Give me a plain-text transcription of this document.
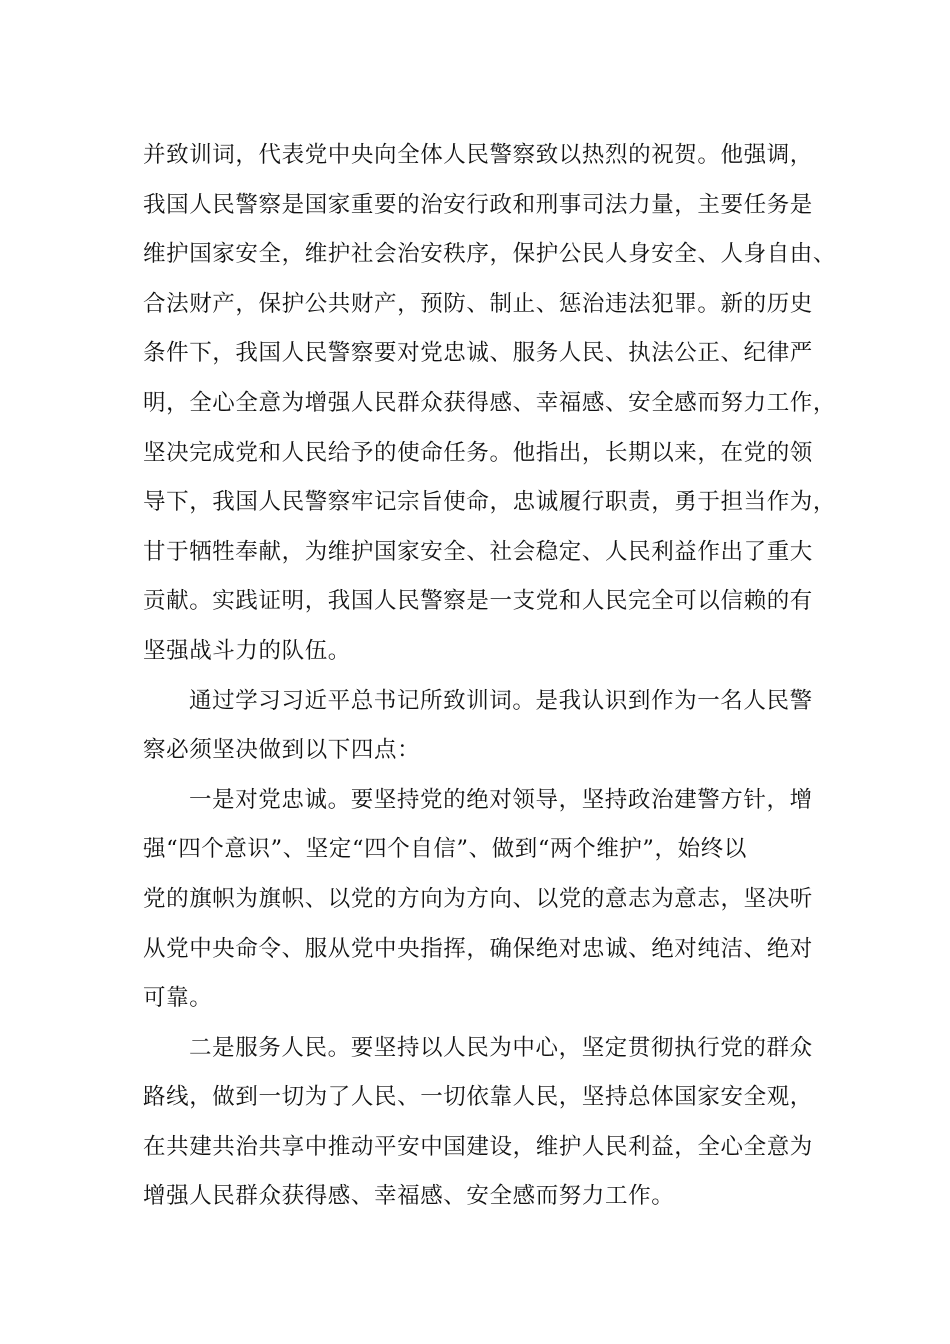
并致训词，代表党中央向全体人民警察致以热烈的祝贺。他强调，
我国人民警察是国家重要的治安行政和刑事司法力量，主要任务是
维护国家安全，维护社会治安秩序，保护公民人身安全、人身自由、
合法财产，保护公共财产，预防、制止、惩治违法犯罪。新的历史
条件下，我国人民警察要对党忠诚、服务人民、执法公正、纪律严
明，全心全意为增强人民群众获得感、幸福感、安全感而努力工作，
坚决完成党和人民给予的使命任务。他指出，长期以来，在党的领
导下，我国人民警察牢记宗旨使命，忠诚履行职责，勇于担当作为，
甘于牺牲奉献，为维护国家安全、社会稳定、人民利益作出了重大
贡献。实践证明，我国人民警察是一支党和人民完全可以信赖的有
坚强战斗力的队伍。
通过学习习近平总书记所致训词。是我认识到作为一名人民警
察必须坚决做到以下四点：
一是对党忠诚。要坚持党的绝对领导，坚持政治建警方针，增
强“四个意识”、坚定“四个自信”、做到“两个维护”，始终以
党的旗帜为旗帜、以党的方向为方向、以党的意志为意志，坚决听
从党中央命令、服从党中央指挥，确保绝对忠诚、绝对纯洁、绝对
可靠。
二是服务人民。要坚持以人民为中心，坚定贯彻执行党的群众
路线，做到一切为了人民、一切依靠人民，坚持总体国家安全观，
在共建共治共享中推动平安中国建设，维护人民利益，全心全意为
增强人民群众获得感、幸福感、安全感而努力工作。
